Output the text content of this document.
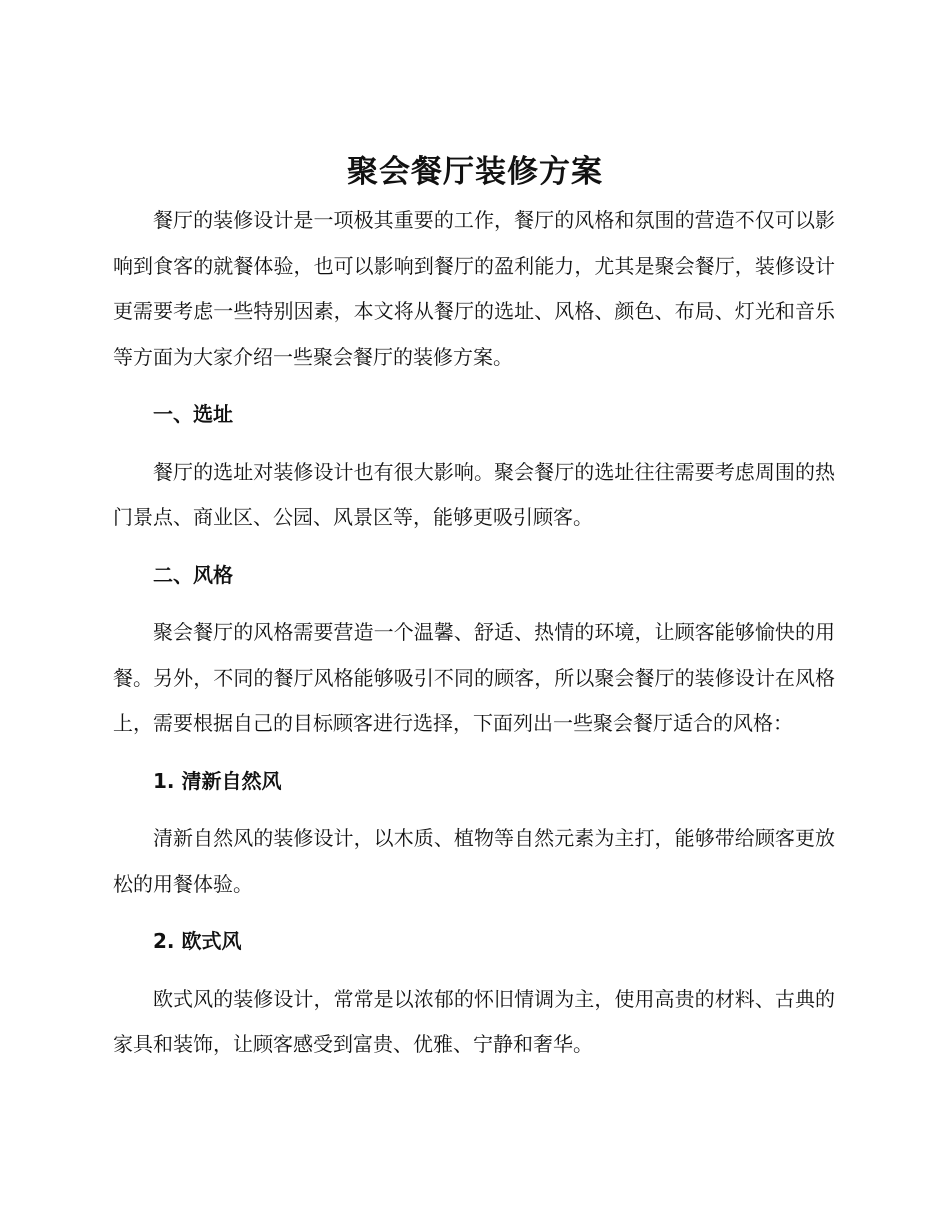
聚会餐厅装修方案

餐厅的装修设计是一项极其重要的工作，餐厅的风格和氛围的营造不仅可以影响到食客的就餐体验，也可以影响到餐厅的盈利能力，尤其是聚会餐厅，装修设计更需要考虑一些特别因素，本文将从餐厅的选址、风格、颜色、布局、灯光和音乐等方面为大家介绍一些聚会餐厅的装修方案。

一、选址

餐厅的选址对装修设计也有很大影响。聚会餐厅的选址往往需要考虑周围的热门景点、商业区、公园、风景区等，能够更吸引顾客。

二、风格

聚会餐厅的风格需要营造一个温馨、舒适、热情的环境，让顾客能够愉快的用餐。另外，不同的餐厅风格能够吸引不同的顾客，所以聚会餐厅的装修设计在风格上，需要根据自己的目标顾客进行选择，下面列出一些聚会餐厅适合的风格：

1. 清新自然风

清新自然风的装修设计，以木质、植物等自然元素为主打，能够带给顾客更放松的用餐体验。

2. 欧式风

欧式风的装修设计，常常是以浓郁的怀旧情调为主，使用高贵的材料、古典的家具和装饰，让顾客感受到富贵、优雅、宁静和奢华。
